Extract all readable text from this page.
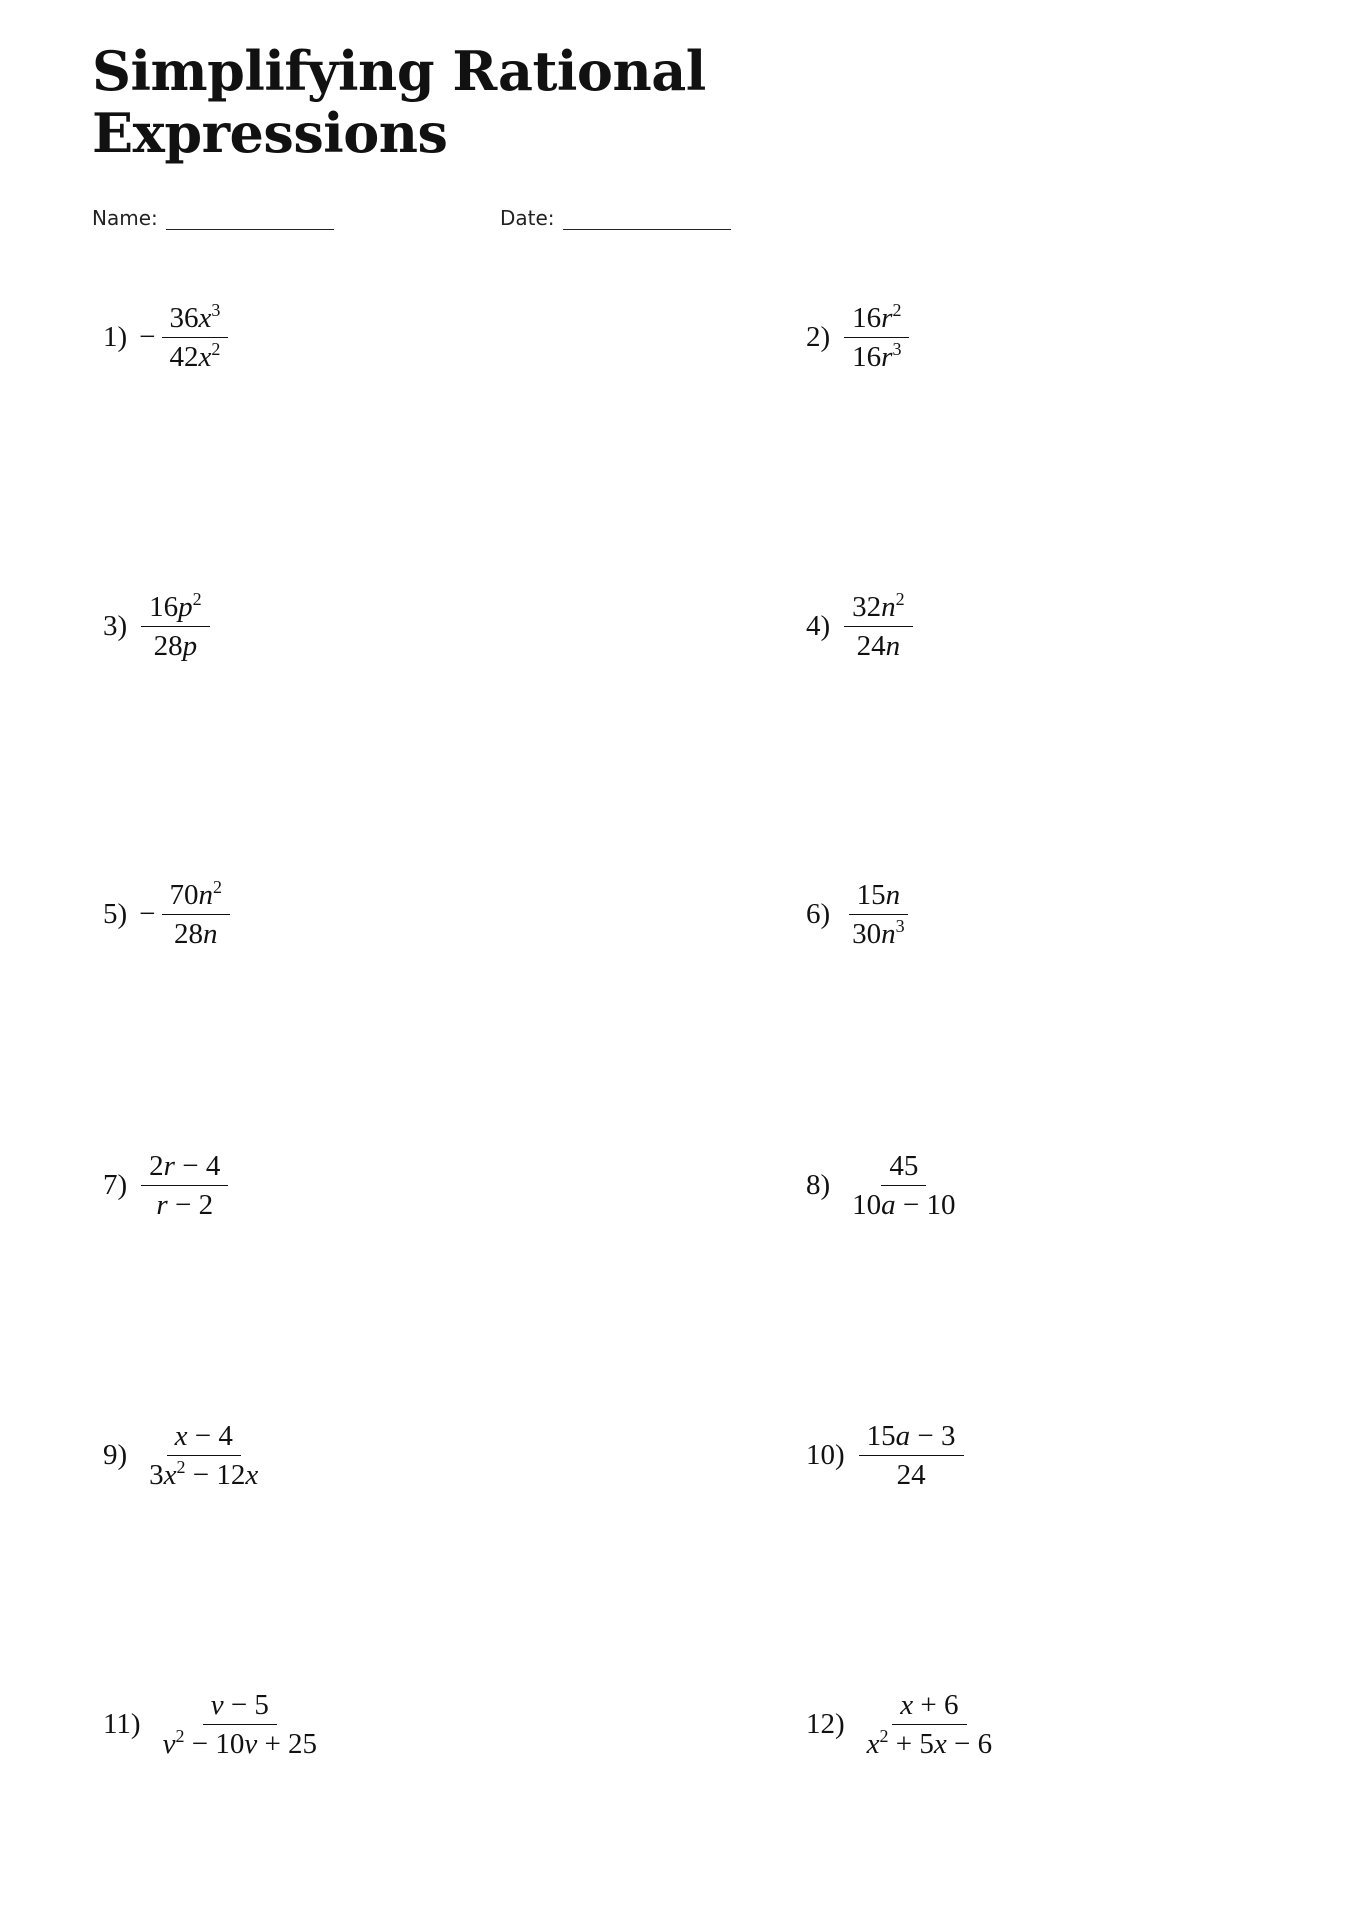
Simplifying Rational
Expressions
Name:	Date:
$1) - \frac{36x^3}{42x^2}$	$2) \frac{16r^2}{16r^3}$
$3) \frac{16p^2}{28p}$	$4) \frac{32n^2}{24n}$
$5) - \frac{70n^2}{28n}$	$6) \frac{15n}{30n^3}$
$7) \frac{2r - 4}{r - 2}$	$8) \frac{45}{10a - 10}$
$9) \frac{x - 4}{3x^2 - 12x}$	$10) \frac{15a - 3}{24}$
$11) \frac{v - 5}{v^2 - 10v + 25}$	$12) \frac{x + 6}{x^2 + 5x - 6}$
